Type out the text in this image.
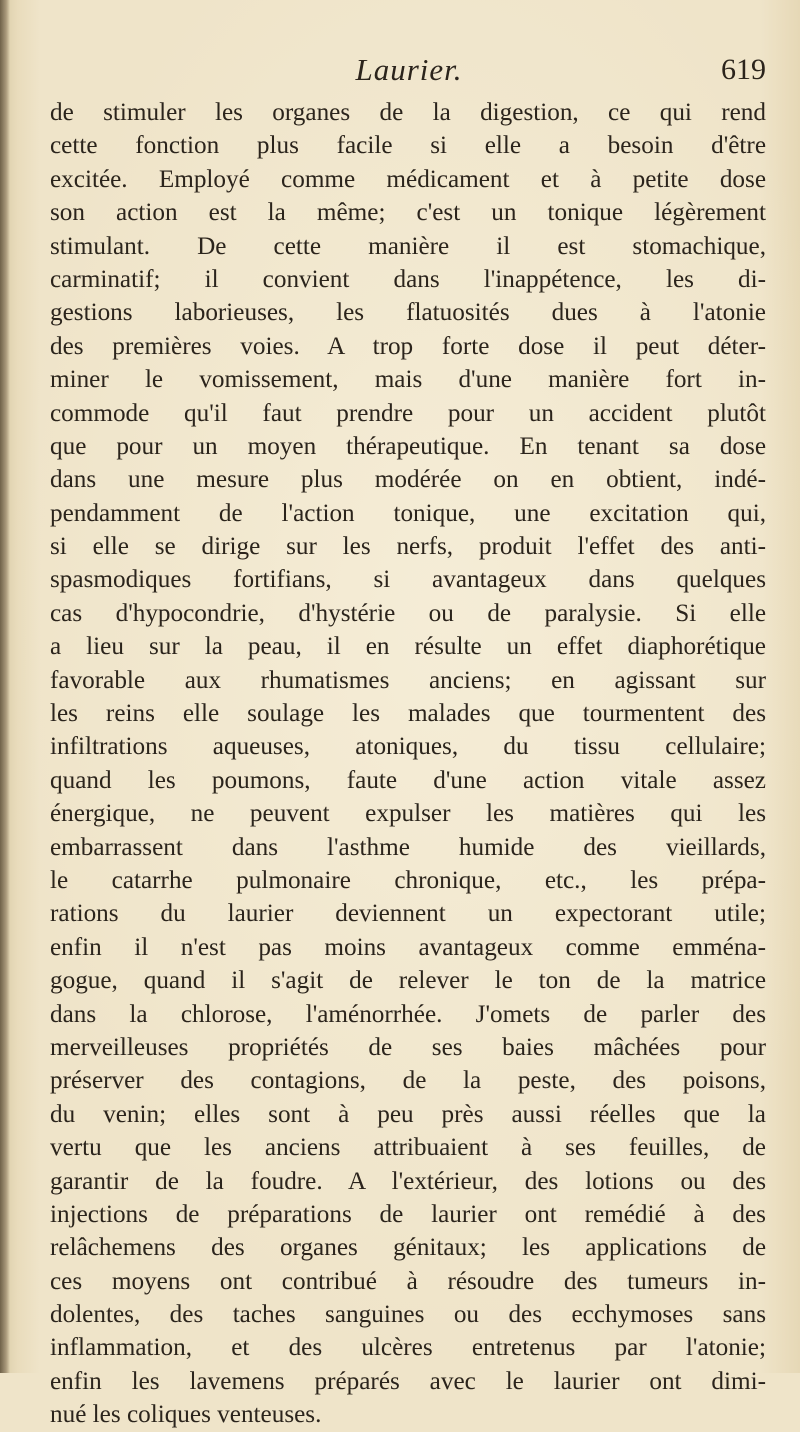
Laurier.	619
de stimuler les organes de la digestion, ce qui rend
cette fonction plus facile si elle a besoin d'être
excitée. Employé comme médicament et à petite dose
son action est la même; c'est un tonique légèrement
stimulant. De cette manière il est stomachique,
carminatif; il convient dans l'inappétence, les di-
gestions laborieuses, les flatuosités dues à l'atonie
des premières voies. A trop forte dose il peut déter-
miner le vomissement, mais d'une manière fort in-
commode qu'il faut prendre pour un accident plutôt
que pour un moyen thérapeutique. En tenant sa dose
dans une mesure plus modérée on en obtient, indé-
pendamment de l'action tonique, une excitation qui,
si elle se dirige sur les nerfs, produit l'effet des anti-
spasmodiques fortifians, si avantageux dans quelques
cas d'hypocondrie, d'hystérie ou de paralysie. Si elle
a lieu sur la peau, il en résulte un effet diaphorétique
favorable aux rhumatismes anciens; en agissant sur
les reins elle soulage les malades que tourmentent des
infiltrations aqueuses, atoniques, du tissu cellulaire;
quand les poumons, faute d'une action vitale assez
énergique, ne peuvent expulser les matières qui les
embarrassent dans l'asthme humide des vieillards,
le catarrhe pulmonaire chronique, etc., les prépa-
rations du laurier deviennent un expectorant utile;
enfin il n'est pas moins avantageux comme emména-
gogue, quand il s'agit de relever le ton de la matrice
dans la chlorose, l'aménorrhée. J'omets de parler des
merveilleuses propriétés de ses baies mâchées pour
préserver des contagions, de la peste, des poisons,
du venin; elles sont à peu près aussi réelles que la
vertu que les anciens attribuaient à ses feuilles, de
garantir de la foudre. A l'extérieur, des lotions ou des
injections de préparations de laurier ont remédié à des
relâchemens des organes génitaux; les applications de
ces moyens ont contribué à résoudre des tumeurs in-
dolentes, des taches sanguines ou des ecchymoses sans
inflammation, et des ulcères entretenus par l'atonie;
enfin les lavemens préparés avec le laurier ont dimi-
nué les coliques venteuses.
